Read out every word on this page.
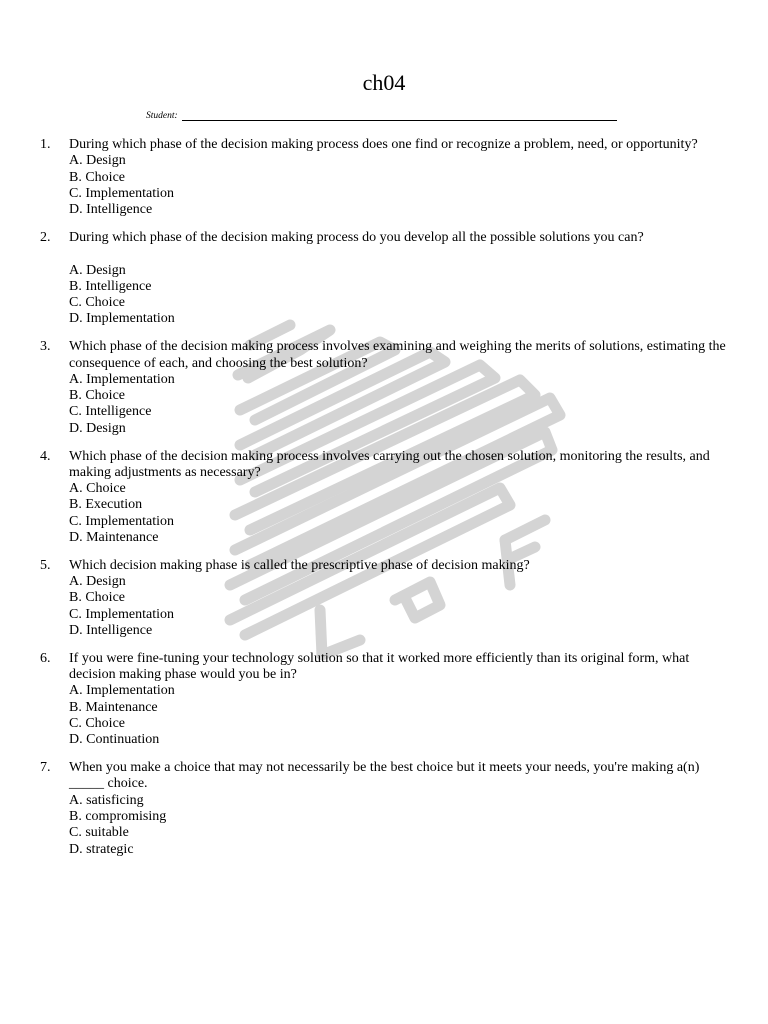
ch04
Student:
1. During which phase of the decision making process does one find or recognize a problem, need, or opportunity?
A. Design
B. Choice
C. Implementation
D. Intelligence
2. During which phase of the decision making process do you develop all the possible solutions you can?
A. Design
B. Intelligence
C. Choice
D. Implementation
3. Which phase of the decision making process involves examining and weighing the merits of solutions, estimating the consequence of each, and choosing the best solution?
A. Implementation
B. Choice
C. Intelligence
D. Design
4. Which phase of the decision making process involves carrying out the chosen solution, monitoring the results, and making adjustments as necessary?
A. Choice
B. Execution
C. Implementation
D. Maintenance
5. Which decision making phase is called the prescriptive phase of decision making?
A. Design
B. Choice
C. Implementation
D. Intelligence
6. If you were fine-tuning your technology solution so that it worked more efficiently than its original form, what decision making phase would you be in?
A. Implementation
B. Maintenance
C. Choice
D. Continuation
7. When you make a choice that may not necessarily be the best choice but it meets your needs, you're making a(n) _____ choice.
A. satisficing
B. compromising
C. suitable
D. strategic
